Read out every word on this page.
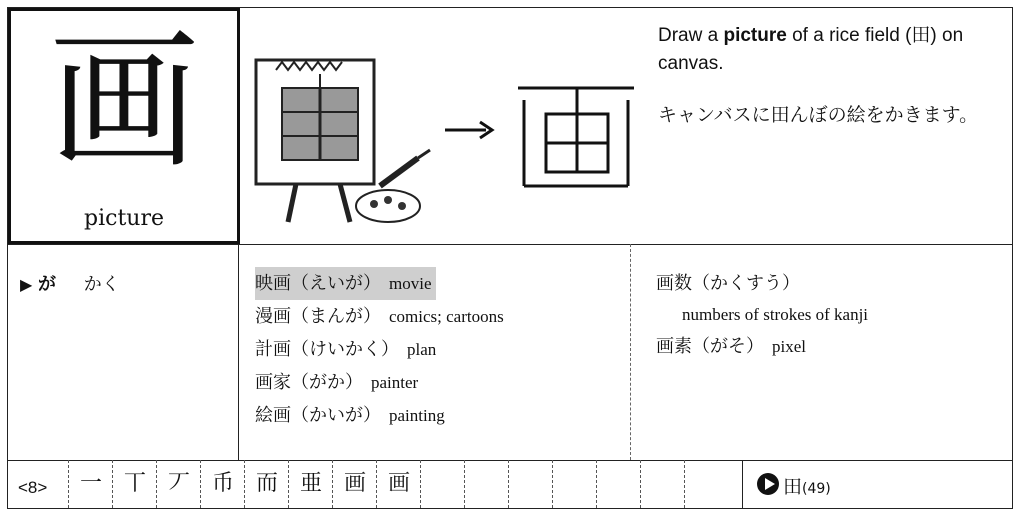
画
picture
Draw a picture of a rice field (田) on canvas.
キャンバスに田んぼの絵をかきます。
▶ が かく	映画（えいが） movie
漫画（まんが） comics; cartoons
計画（けいかく） plan
画家（がか） painter
絵画（かいが） painting
画数（かくすう）
numbers of strokes of kanji
画素（がそ） pixel
<8>	一 丅 丆 币 而 亜 画 画	田(49)
